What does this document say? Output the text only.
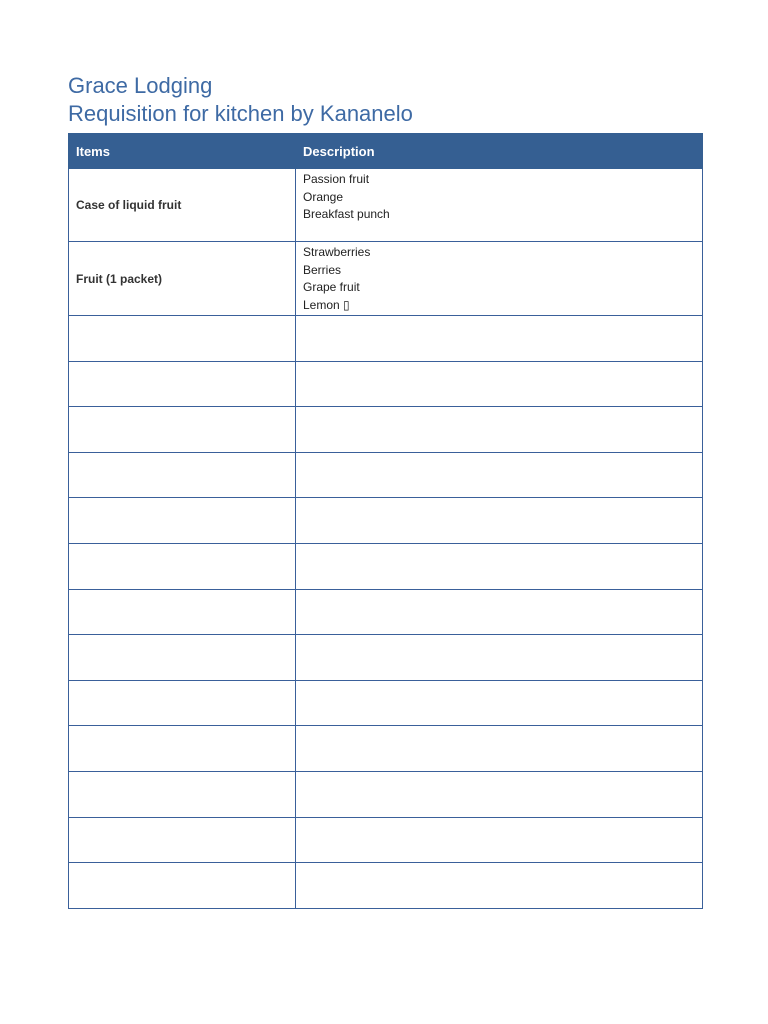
Grace Lodging
Requisition for kitchen by Kananelo
Items	Description
Case of liquid fruit	Passion fruit
Orange
Breakfast punch

Fruit (1 packet)	Strawberries
Berries
Grape fruit
Lemon ▯
